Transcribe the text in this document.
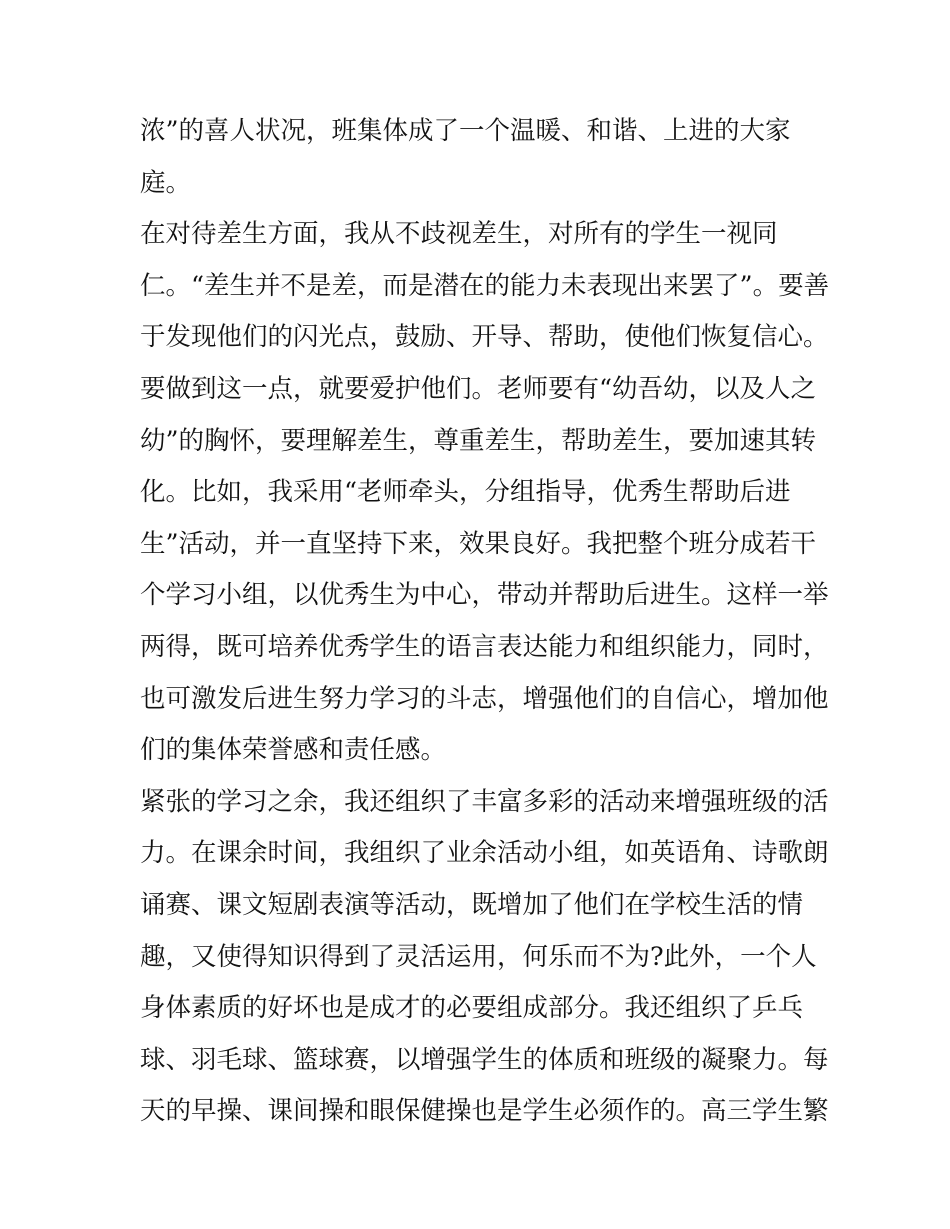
浓”的喜人状况，班集体成了一个温暖、和谐、上进的大家
庭。
在对待差生方面，我从不歧视差生，对所有的学生一视同
仁。“差生并不是差，而是潜在的能力未表现出来罢了”。要善
于发现他们的闪光点，鼓励、开导、帮助，使他们恢复信心。
要做到这一点，就要爱护他们。老师要有“幼吾幼，以及人之
幼”的胸怀，要理解差生，尊重差生，帮助差生，要加速其转
化。比如，我采用“老师牵头，分组指导，优秀生帮助后进
生”活动，并一直坚持下来，效果良好。我把整个班分成若干
个学习小组，以优秀生为中心，带动并帮助后进生。这样一举
两得，既可培养优秀学生的语言表达能力和组织能力，同时，
也可激发后进生努力学习的斗志，增强他们的自信心，增加他
们的集体荣誉感和责任感。
紧张的学习之余，我还组织了丰富多彩的活动来增强班级的活
力。在课余时间，我组织了业余活动小组，如英语角、诗歌朗
诵赛、课文短剧表演等活动，既增加了他们在学校生活的情
趣，又使得知识得到了灵活运用，何乐而不为?此外，一个人
身体素质的好坏也是成才的必要组成部分。我还组织了乒乓
球、羽毛球、篮球赛，以增强学生的体质和班级的凝聚力。每
天的早操、课间操和眼保健操也是学生必须作的。高三学生繁
